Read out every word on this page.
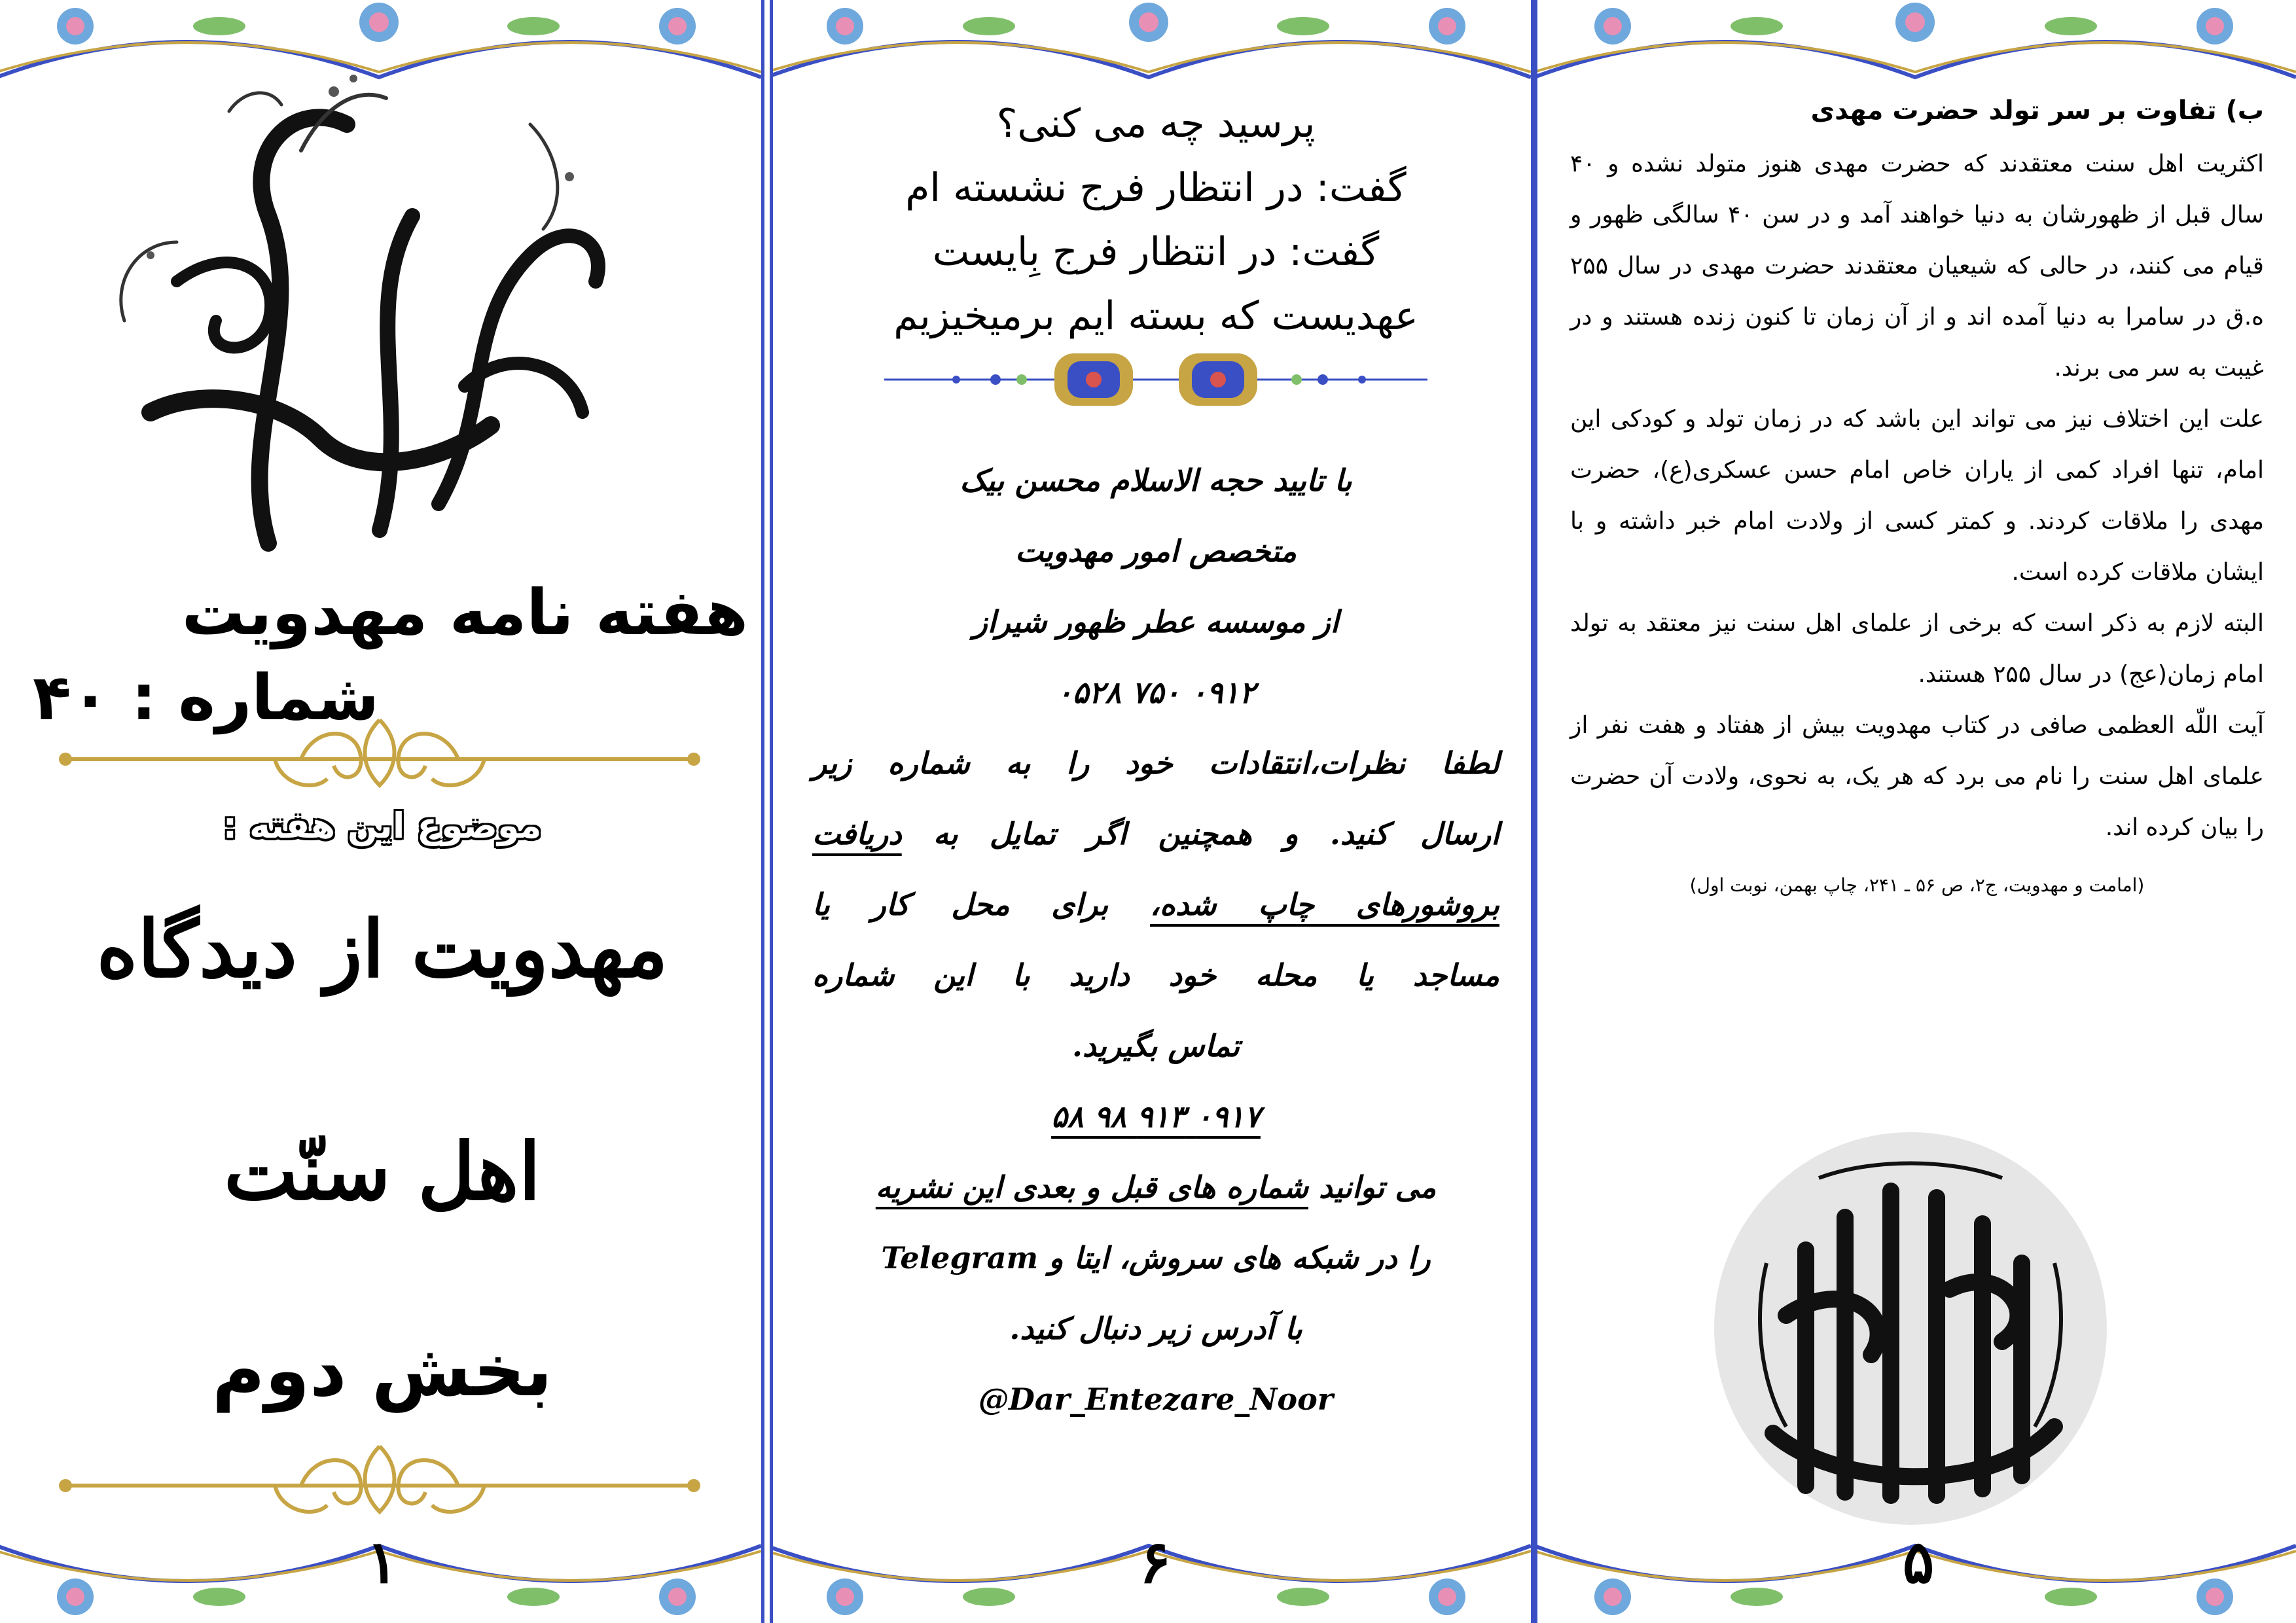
هفته نامه مهدویت
شماره : ۴۰
موضوع این هفته :
مهدویت از دیدگاه
اهل سنّت
بخش دوم
۱
پرسید چه می کنی؟
گفت: در انتظار فرج نشسته ام
گفت: در انتظار فرج بِایست
عهدیست که بسته ایم برمیخیزیم
با تایید حجه الاسلام محسن بیک
متخصص امور مهدویت
از موسسه عطر ظهور شیراز
۰۹۱۲ ۷۵۰ ۰۵۲۸
لطفا نظرات،انتقادات خود را به شماره زیر
ارسال کنید. و همچنین اگر تمایل به دریافت
بروشورهای چاپ شده، برای محل کار یا
مساجد یا محله خود دارید با این شماره
تماس بگیرید.
۰۹۱۷ ۹۱۳ ۹۸ ۵۸
می توانید شماره های قبل و بعدی این نشریه
را در شبکه های سروش، ایتا و Telegram
با آدرس زیر دنبال کنید.
@Dar_Entezare_Noor
۶
ب) تفاوت بر سر تولد حضرت مهدی

اکثریت اهل سنت معتقدند که حضرت مهدی هنوز متولد نشده و ۴۰ سال قبل از ظهورشان به دنیا خواهند آمد و در سن ۴۰ سالگی ظهور و قیام می کنند، در حالی که شیعیان معتقدند حضرت مهدی در سال ۲۵۵ ه.ق در سامرا به دنیا آمده اند و از آن زمان تا کنون زنده هستند و در غیبت به سر می برند.

علت این اختلاف نیز می تواند این باشد که در زمان تولد و کودکی این امام، تنها افراد کمی از یاران خاص امام حسن عسکری(ع)، حضرت مهدی را ملاقات کردند. و کمتر کسی از ولادت امام خبر داشته و با ایشان ملاقات کرده است.

البته لازم به ذکر است که برخی از علمای اهل سنت نیز معتقد به تولد امام زمان(عج) در سال ۲۵۵ هستند.

آیت اللّه العظمی صافی در کتاب مهدویت بیش از هفتاد و هفت نفر از علمای اهل سنت را نام می برد که هر یک، به نحوی، ولادت آن حضرت را بیان کرده اند.

(امامت و مهدویت، ج۲، ص ۵۶ ـ ۲۴۱، چاپ بهمن، نوبت اول)
۵
